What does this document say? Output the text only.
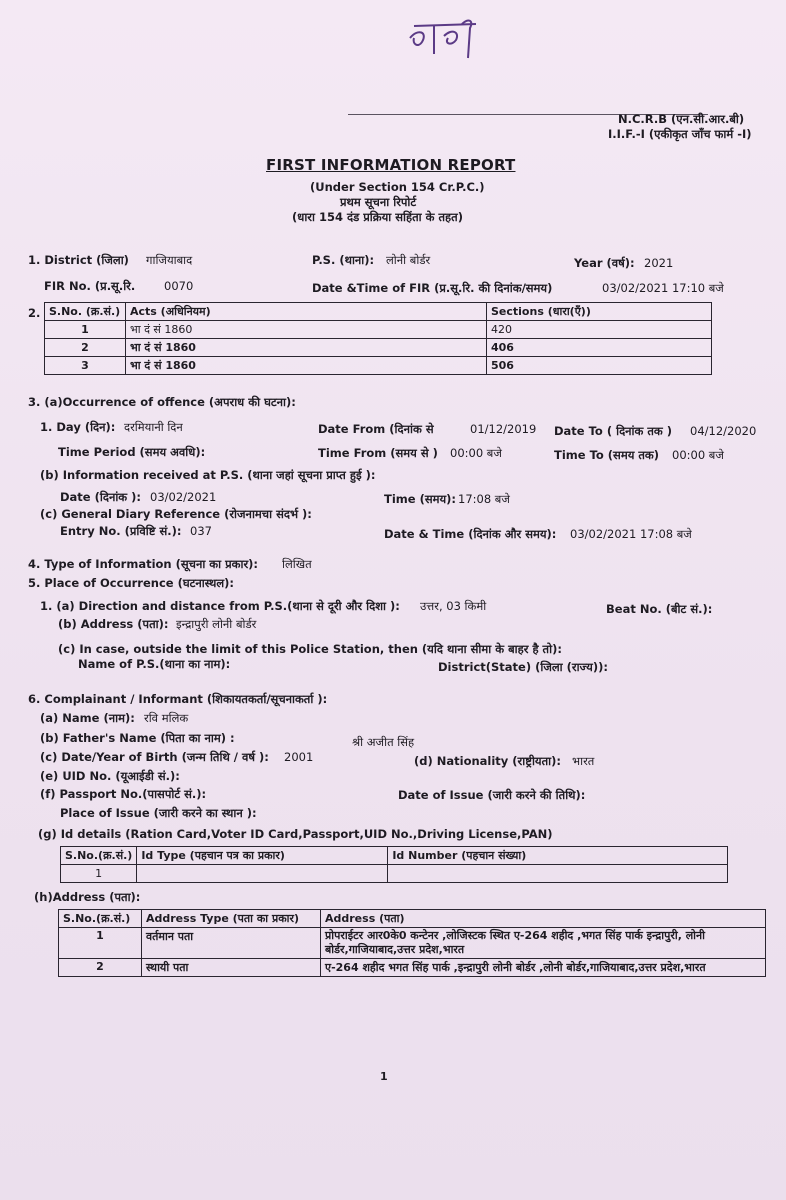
N.C.R.B (एन.सी.आर.बी)
I.I.F.-I (एकीकृत जाँच फार्म -I)
FIRST INFORMATION REPORT
(Under Section 154 Cr.P.C.)
प्रथम सूचना रिपोर्ट
(धारा 154 दंड प्रक्रिया सहिंता के तहत)
1. District (जिला) गाजियाबाद	P.S. (थाना): लोनी बोर्डर	Year (वर्ष): 2021
FIR No. (प्र.सू.रि. 0070	Date &Time of FIR (प्र.सू.रि. की दिनांक/समय)	03/02/2021 17:10 बजे
2. S.No. (क्र.सं.)	Acts (अधिनियम)	Sections (धारा(एँ))
1	भा दं सं 1860	420
2	भा दं सं 1860	406
3	भा दं सं 1860	506
3. (a)Occurrence of offence (अपराध की घटना):
1. Day (दिन): दरमियानी दिन	Date From (दिनांक से	01/12/2019 Date To ( दिनांक तक ) 04/12/2020
Time Period (समय अवधि):	Time From (समय से ) 00:00 बजे	Time To (समय तक) 00:00 बजे
(b) Information received at P.S. (थाना जहां सूचना प्राप्त हुई ):
Date (दिनांक ): 03/02/2021	Time (समय): 17:08 बजे
(c) General Diary Reference (रोजनामचा संदर्भ ):
Entry No. (प्रविष्टि सं.): 037	Date & Time (दिनांक और समय): 03/02/2021 17:08 बजे
4. Type of Information (सूचना का प्रकार): लिखित
5. Place of Occurrence (घटनास्थल):
1. (a) Direction and distance from P.S.(थाना से दूरी और दिशा ): उत्तर, 03 किमी	Beat No. (बीट सं.):
(b) Address (पता): इन्द्रापुरी लोनी बोर्डर
(c) In case, outside the limit of this Police Station, then (यदि थाना सीमा के बाहर है तो):
Name of P.S.(थाना का नाम):	District(State) (जिला (राज्य)):
6. Complainant / Informant (शिकायतकर्ता/सूचनाकर्ता ):
(a) Name (नाम): रवि मलिक
(b) Father's Name (पिता का नाम) :	श्री अजीत सिंह
(c) Date/Year of Birth (जन्म तिथि / वर्ष ): 2001	(d) Nationality (राष्ट्रीयता): भारत
(e) UID No. (यूआईडी सं.):
(f) Passport No.(पासपोर्ट सं.):	Date of Issue (जारी करने की तिथि):
Place of Issue (जारी करने का स्थान ):
(g) Id details (Ration Card,Voter ID Card,Passport,UID No.,Driving License,PAN)
S.No.(क्र.सं.)	Id Type (पहचान पत्र का प्रकार)	Id Number (पहचान संख्या)
1		
(h)Address (पता):
S.No.(क्र.सं.)	Address Type (पता का प्रकार)	Address (पता)
1	वर्तमान पता	प्रोपराईटर आर0के0 कन्टेनर ,लोजिस्टक स्थित ए-264 शहीद ,भगत सिंह पार्क इन्द्रापुरी, लोनी बोर्डर,गाजियाबाद,उत्तर प्रदेश,भारत
2	स्थायी पता	ए-264 शहीद भगत सिंह पार्क ,इन्द्रापुरी लोनी बोर्डर ,लोनी बोर्डर,गाजियाबाद,उत्तर प्रदेश,भारत
1
